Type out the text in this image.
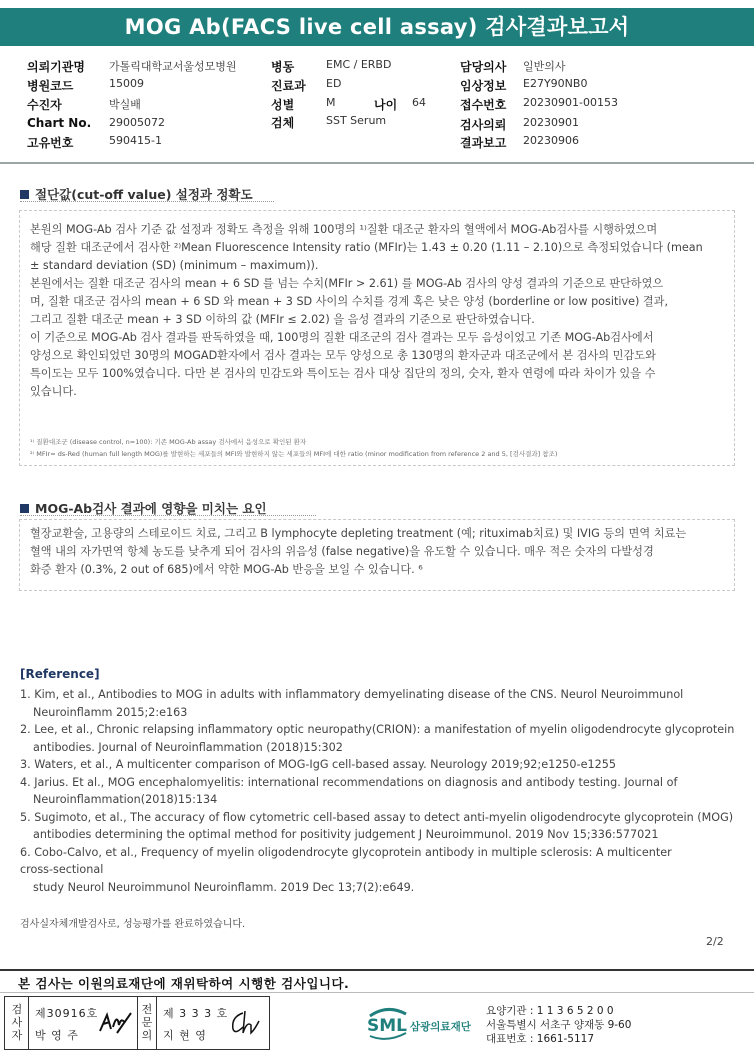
MOG Ab(FACS live cell assay) 검사결과보고서
의뢰기관명 가톨릭대학교서울성모병원
병원코드	15009
수진자	박실배
Chart No. 29005072
고유번호	590415-1
병동	EMC / ERBD
진료과 ED
성별	M	나이 64
검체	SST Serum
담당의사 일반의사
임상정보 E27Y90NB0
접수번호 20230901-00153
검사의뢰 20230901
결과보고 20230906
절단값(cut-off value) 설정과 정확도
본원의 MOG-Ab 검사 기준 값 설정과 정확도 측정을 위해 100명의 ¹⁾질환 대조군 환자의 혈액에서 MOG-Ab검사를 시행하였으며
해당 질환 대조군에서 검사한 ²⁾Mean Fluorescence Intensity ratio (MFIr)는 1.43 ± 0.20 (1.11 – 2.10)으로 측정되었습니다 (mean
± standard deviation (SD) (minimum – maximum)).
본원에서는 질환 대조군 검사의 mean + 6 SD 를 넘는 수치(MFIr > 2.61) 를 MOG-Ab 검사의 양성 결과의 기준으로 판단하였으
며, 질환 대조군 검사의 mean + 6 SD 와 mean + 3 SD 사이의 수치를 경계 혹은 낮은 양성 (borderline or low positive) 결과,
그리고 질환 대조군 mean + 3 SD 이하의 값 (MFIr ≤ 2.02) 을 음성 결과의 기준으로 판단하였습니다.
이 기준으로 MOG-Ab 검사 결과를 판독하였을 때, 100명의 질환 대조군의 검사 결과는 모두 음성이었고 기존 MOG-Ab검사에서
양성으로 확인되었던 30명의 MOGAD환자에서 검사 결과는 모두 양성으로 총 130명의 환자군과 대조군에서 본 검사의 민감도와
특이도는 모두 100%였습니다. 다만 본 검사의 민감도와 특이도는 검사 대상 집단의 정의, 숫자, 환자 연령에 따라 차이가 있을 수
있습니다.
¹⁾ 질환대조군 (disease control, n=100): 기존 MOG-Ab assay 검사에서 음성으로 확인된 환자
²⁾ MFIr= ds-Red (human full length MOG)를 발현하는 세포들의 MFI와 발현하지 않는 세포들의 MFI에 대한 ratio (minor modification from reference 2 and 5, [검사결과] 참조)
MOG-Ab검사 결과에 영향을 미치는 요인
혈장교환술, 고용량의 스테로이드 치료, 그리고 B lymphocyte depleting treatment (예; rituximab치료) 및 IVIG 등의 면역 치료는
혈액 내의 자가면역 항체 농도를 낮추게 되어 검사의 위음성 (false negative)을 유도할 수 있습니다. 매우 적은 숫자의 다발성경
화증 환자 (0.3%, 2 out of 685)에서 약한 MOG-Ab 반응을 보일 수 있습니다. ⁶
[Reference]
1. Kim, et al., Antibodies to MOG in adults with inflammatory demyelinating disease of the CNS. Neurol Neuroimmunol
Neuroinflamm 2015;2:e163
2. Lee, et al., Chronic relapsing inflammatory optic neuropathy(CRION): a manifestation of myelin oligodendrocyte glycoprotein
antibodies. Journal of Neuroinflammation (2018)15:302
3. Waters, et al., A multicenter comparison of MOG-IgG cell-based assay. Neurology 2019;92;e1250-e1255
4. Jarius. Et al., MOG encephalomyelitis: international recommendations on diagnosis and antibody testing. Journal of
Neuroinflammation(2018)15:134
5. Sugimoto, et al., The accuracy of flow cytometric cell-based assay to detect anti-myelin oligodendrocyte glycoprotein (MOG)
antibodies determining the optimal method for positivity judgement J Neuroimmunol. 2019 Nov 15;336:577021
6. Cobo-Calvo, et al., Frequency of myelin oligodendrocyte glycoprotein antibody in multiple sclerosis: A multicenter
cross-sectional
study Neurol Neuroimmunol Neuroinflamm. 2019 Dec 13;7(2):e649.
검사실자체개발검사로, 성능평가를 완료하였습니다.
2/2
본 검사는 이원의료재단에 재위탁하여 시행한 검사입니다.
검
사
자
제30916호
박 영 주
전
문
의
제 3 3 3 호
지 현 영	SML 삼광의료재단
요양기관 : 1 1 3 6 5 2 0 0
서울특별시 서초구 양재동 9-60
대표번호 : 1661-5117
